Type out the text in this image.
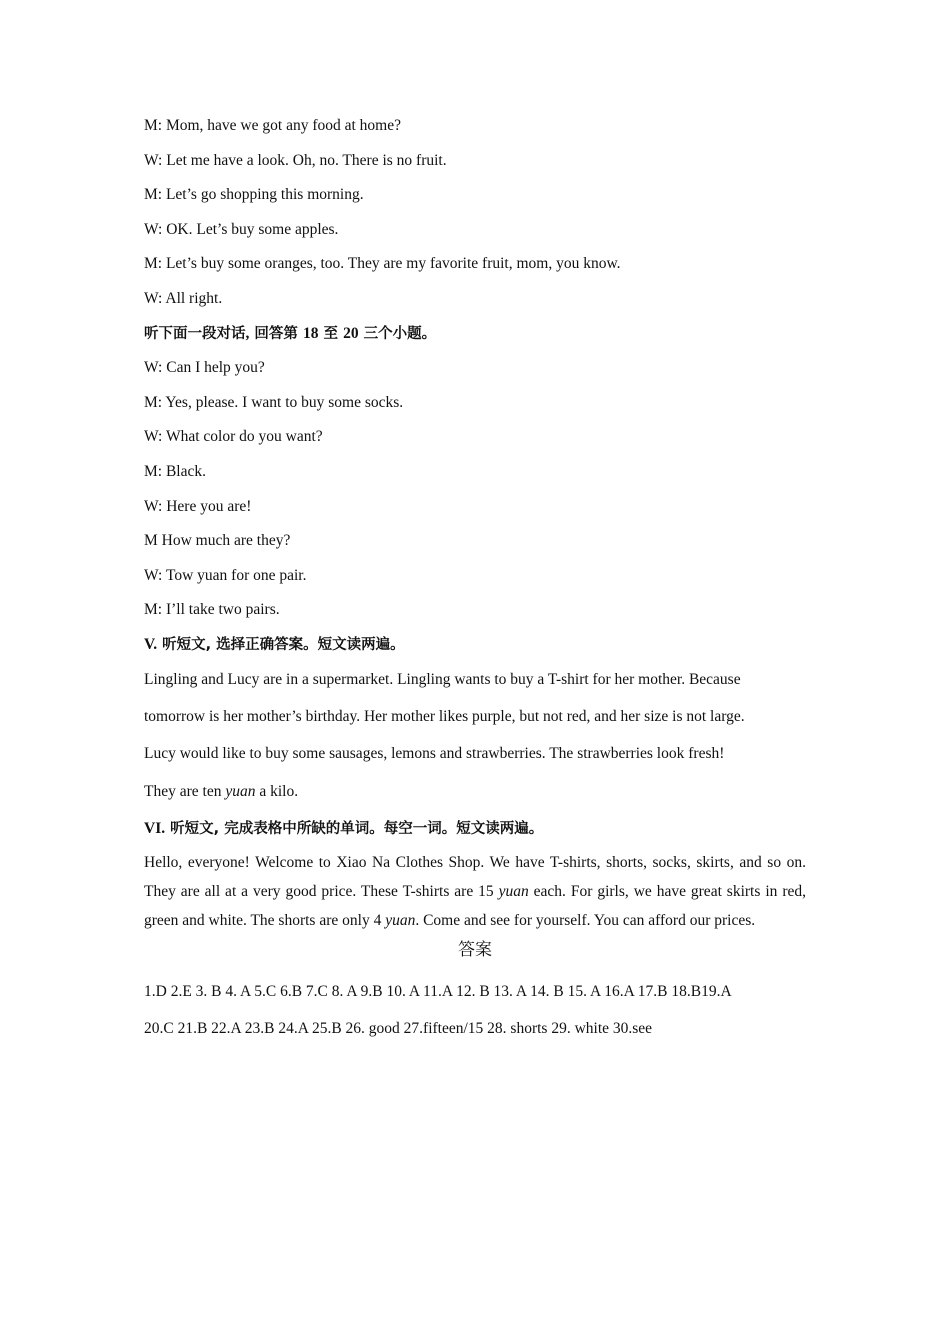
M: Mom, have we got any food at home?

W: Let me have a look. Oh, no. There is no fruit.

M: Let’s go shopping this morning.

W: OK. Let’s buy some apples.

M: Let’s buy some oranges, too. They are my favorite fruit, mom, you know.

W: All right.

听下面一段对话, 回答第 18 至 20 三个小题。

W: Can I help you?

M: Yes, please. I want to buy some socks.

W: What color do you want?

M: Black.

W: Here you are!

M How much are they?

W: Tow yuan for one pair.

M: I’ll take two pairs.

V. 听短文, 选择正确答案。短文读两遍。

Lingling and Lucy are in a supermarket. Lingling wants to buy a T-shirt for her mother. Because

tomorrow is her mother’s birthday. Her mother likes purple, but not red, and her size is not large.

Lucy would like to buy some sausages, lemons and strawberries. The strawberries look fresh!

They are ten yuan a kilo.

VI. 听短文, 完成表格中所缺的单词。每空一词。短文读两遍。

Hello, everyone! Welcome to Xiao Na Clothes Shop. We have T-shirts, shorts, socks, skirts, and so on. They are all at a very good price. These T-shirts are 15 yuan each. For girls, we have great skirts in red, green and white. The shorts are only 4 yuan. Come and see for yourself. You can afford our prices.

答案

1.D 2.E 3. B 4. A 5.C 6.B 7.C 8. A 9.B 10. A 11.A 12. B 13. A 14. B 15. A 16.A 17.B 18.B19.A

20.C 21.B 22.A 23.B 24.A 25.B 26. good 27.fifteen/15 28. shorts 29. white 30.see
